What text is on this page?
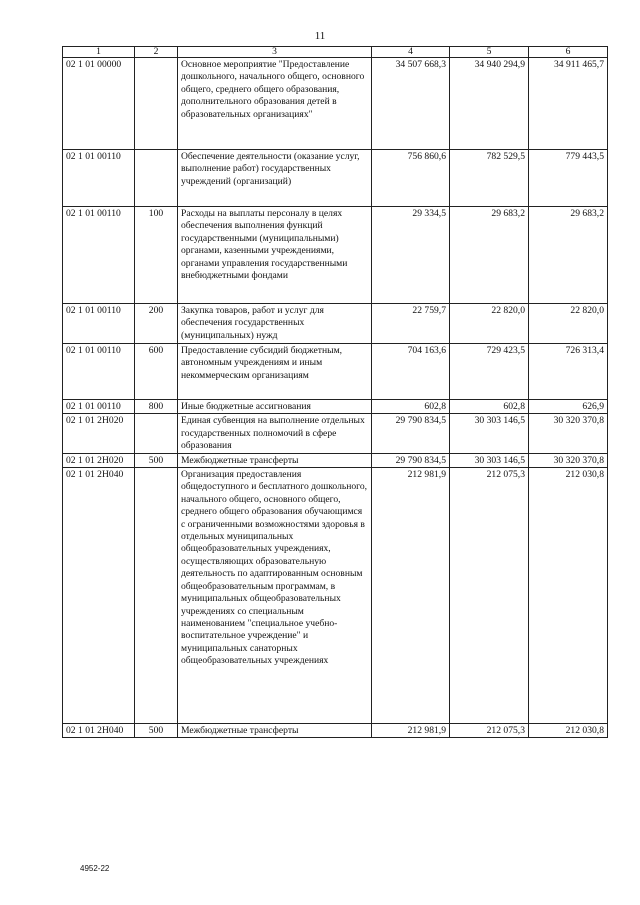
11
1	2	3	4	5	6
02 1 01 00000		Основное мероприятие "Предоставление дошкольного, начального общего, основного общего, среднего общего образования, дополнительного образования детей в образовательных организациях"	34 507 668,3	34 940 294,9	34 911 465,7
02 1 01 00110		Обеспечение деятельности (оказание услуг, выполнение работ) государственных учреждений (организаций)	756 860,6	782 529,5	779 443,5
02 1 01 00110	100	Расходы на выплаты персоналу в целях обеспечения выполнения функций государственными (муниципальными) органами, казенными учреждениями, органами управления государственными внебюджетными фондами	29 334,5	29 683,2	29 683,2
02 1 01 00110	200	Закупка товаров, работ и услуг для обеспечения государственных (муниципальных) нужд	22 759,7	22 820,0	22 820,0
02 1 01 00110	600	Предоставление субсидий бюджетным, автономным учреждениям и иным некоммерческим организациям	704 163,6	729 423,5	726 313,4
02 1 01 00110	800	Иные бюджетные ассигнования	602,8	602,8	626,9
02 1 01 2Н020		Единая субвенция на выполнение отдельных государственных полномочий в сфере образования	29 790 834,5	30 303 146,5	30 320 370,8
02 1 01 2Н020	500	Межбюджетные трансферты	29 790 834,5	30 303 146,5	30 320 370,8
02 1 01 2Н040		Организация предоставления общедоступного и бесплатного дошкольного, начального общего, основного общего, среднего общего образования обучающимся с ограниченными возможностями здоровья в отдельных муниципальных общеобразовательных учреждениях, осуществляющих образовательную деятельность по адаптированным основным общеобразовательным программам, в муниципальных общеобразовательных учреждениях со специальным наименованием "специальное учебно-воспитательное учреждение" и муниципальных санаторных общеобразовательных учреждениях	212 981,9	212 075,3	212 030,8
02 1 01 2Н040	500	Межбюджетные трансферты	212 981,9	212 075,3	212 030,8
4952-22
